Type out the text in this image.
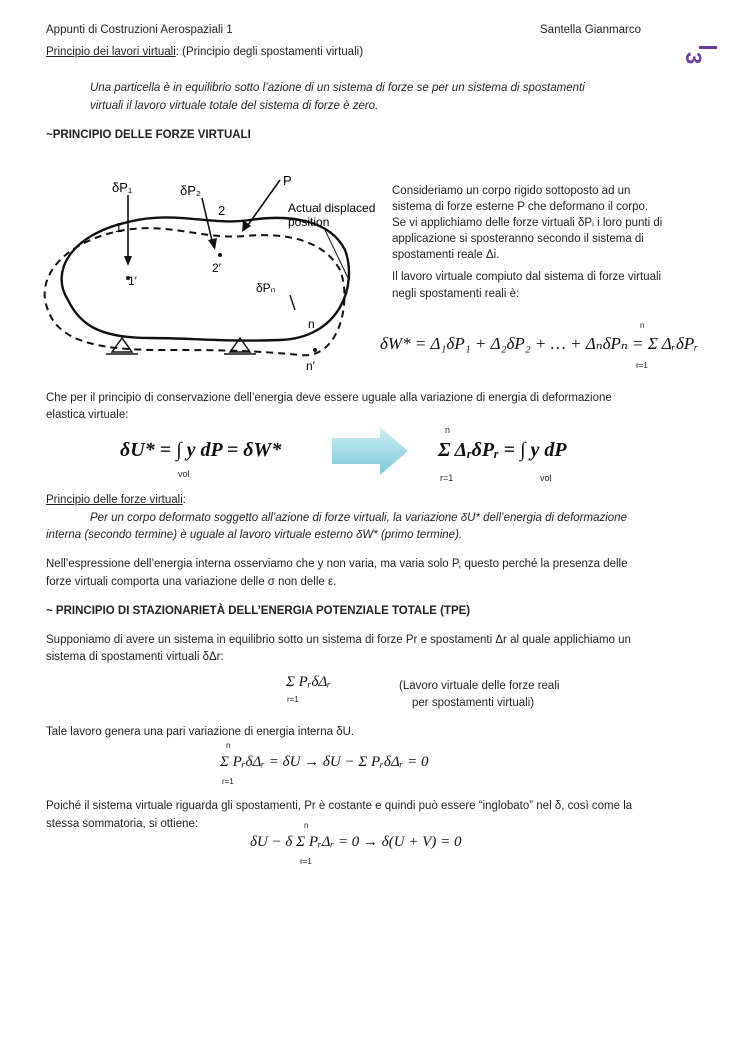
Appunti di Costruzioni Aerospaziali 1	Santella Gianmarco
3
Principio dei lavori virtuali: (Principio degli spostamenti virtuali)
Una particella è in equilibrio sotto l’azione di un sistema di forze se per un sistema di spostamenti
virtuali il lavoro virtuale totale del sistema di forze è zero.
~PRINCIPIO DELLE FORZE VIRTUALI
δP₁	δP₂
P
Actual displaced
position
1
2
1′
2′
δPₙ
n
n′
Consideriamo un corpo rigido sottoposto ad un
sistema di forze esterne P che deformano il corpo.
Se vi applichiamo delle forze virtuali δPᵢ i loro punti di
applicazione si sposteranno secondo il sistema di
spostamenti reale Δi.
Il lavoro virtuale compiuto dal sistema di forze virtuali
negli spostamenti reali è:
δW* = Δ₁δP₁ + Δ₂δP₂ + … + ΔₙδPₙ = Σ ΔᵣδPᵣ
n
r=1
Che per il principio di conservazione dell’energia deve essere uguale alla variazione di energia di deformazione
elastica virtuale:
δU* = ∫ y dP = δW*
vol
Σ ΔᵣδPᵣ = ∫ y dP
n
r=1	vol
Principio delle forze virtuali:
Per un corpo deformato soggetto all’azione di forze virtuali, la variazione δU* dell’energia di deformazione
interna (secondo termine) è uguale al lavoro virtuale esterno δW* (primo termine).
Nell’espressione dell’energia interna osserviamo che y non varia, ma varia solo P, questo perché la presenza delle
forze virtuali comporta una variazione delle σ non delle ε.
~ PRINCIPIO DI STAZIONARIETÀ DELL’ENERGIA POTENZIALE TOTALE (TPE)
Supponiamo di avere un sistema in equilibrio sotto un sistema di forze Pr e spostamenti Δr al quale applichiamo un
sistema di spostamenti virtuali δΔr:
Σ PᵣδΔᵣ
r=1
(Lavoro virtuale delle forze reali
per spostamenti virtuali)
Tale lavoro genera una pari variazione di energia interna δU.
Σ PᵣδΔᵣ = δU → δU − Σ PᵣδΔᵣ = 0
n
r=1
Poiché il sistema virtuale riguarda gli spostamenti, Pr è costante e quindi può essere “inglobato” nel δ, così come la
stessa sommatoria, si ottiene:
δU − δ Σ PᵣΔᵣ = 0 → δ(U + V) = 0
n
r=1
